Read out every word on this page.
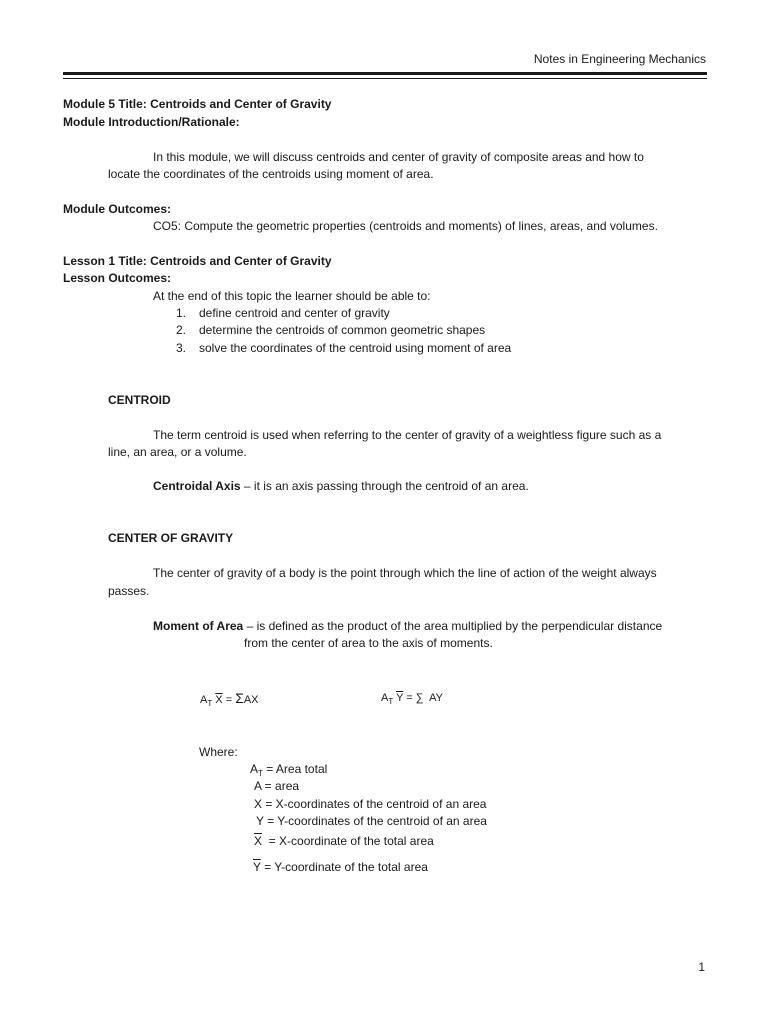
Notes in Engineering Mechanics
Module 5 Title: Centroids and Center of Gravity
Module Introduction/Rationale:
In this module, we will discuss centroids and center of gravity of composite areas and how to
locate the coordinates of the centroids using moment of area.
Module Outcomes:
CO5: Compute the geometric properties (centroids and moments) of lines, areas, and volumes.
Lesson 1 Title: Centroids and Center of Gravity
Lesson Outcomes:
At the end of this topic the learner should be able to:
1. define centroid and center of gravity
2. determine the centroids of common geometric shapes
3. solve the coordinates of the centroid using moment of area
CENTROID
The term centroid is used when referring to the center of gravity of a weightless figure such as a
line, an area, or a volume.
Centroidal Axis – it is an axis passing through the centroid of an area.
CENTER OF GRAVITY
The center of gravity of a body is the point through which the line of action of the weight always
passes.
Moment of Area – is defined as the product of the area multiplied by the perpendicular distance
from the center of area to the axis of moments.
$A_T$ $\overline{X} = \Sigma AX$	$A_T$ $\overline{Y}$ = ∑  AY
Where:
$A_T$ = Area total
A = area
X = X-coordinates of the centroid of an area
Y = Y-coordinates of the centroid of an area
$\overline{X}$  = X-coordinate of the total area
$\overline{Y}$ = Y-coordinate of the total area
1
